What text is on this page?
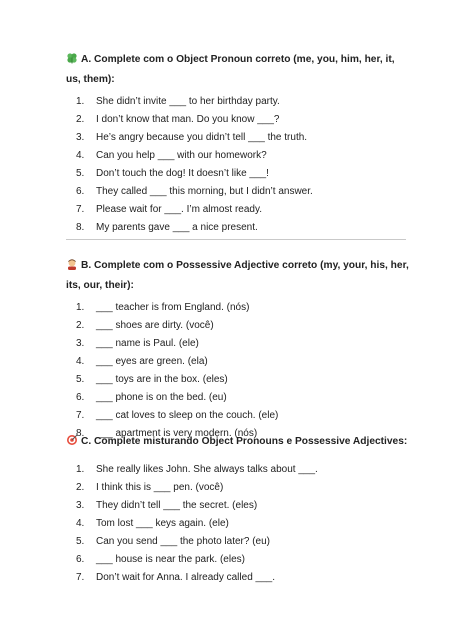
A. Complete com o Object Pronoun correto (me, you, him, her, it, us, them):
1. She didn’t invite ___ to her birthday party.
2. I don’t know that man. Do you know ___?
3. He’s angry because you didn’t tell ___ the truth.
4. Can you help ___ with our homework?
5. Don’t touch the dog! It doesn’t like ___!
6. They called ___ this morning, but I didn’t answer.
7. Please wait for ___. I’m almost ready.
8. My parents gave ___ a nice present.
B. Complete com o Possessive Adjective correto (my, your, his, her, its, our, their):
1. ___ teacher is from England. (nós)
2. ___ shoes are dirty. (você)
3. ___ name is Paul. (ele)
4. ___ eyes are green. (ela)
5. ___ toys are in the box. (eles)
6. ___ phone is on the bed. (eu)
7. ___ cat loves to sleep on the couch. (ele)
8. ___ apartment is very modern. (nós)
C. Complete misturando Object Pronouns e Possessive Adjectives:
1. She really likes John. She always talks about ___.
2. I think this is ___ pen. (você)
3. They didn’t tell ___ the secret. (eles)
4. Tom lost ___ keys again. (ele)
5. Can you send ___ the photo later? (eu)
6. ___ house is near the park. (eles)
7. Don’t wait for Anna. I already called ___.
